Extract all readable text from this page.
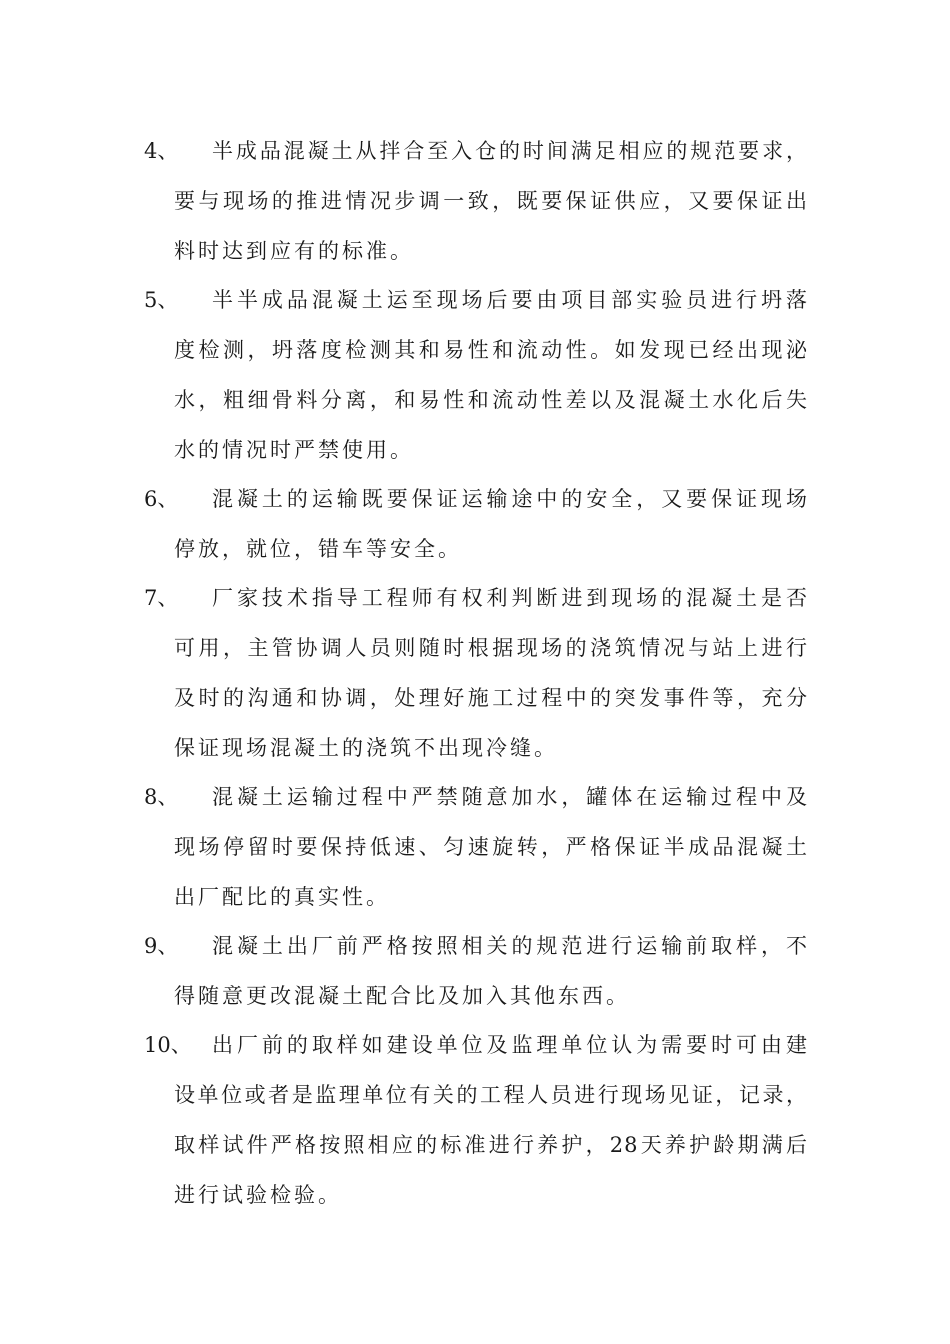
4、 半成品混凝土从拌合至入仓的时间满足相应的规范要求，
要与现场的推进情况步调一致，既要保证供应，又要保证出
料时达到应有的标准。
5、 半半成品混凝土运至现场后要由项目部实验员进行坍落
度检测，坍落度检测其和易性和流动性。如发现已经出现泌
水，粗细骨料分离，和易性和流动性差以及混凝土水化后失
水的情况时严禁使用。
6、 混凝土的运输既要保证运输途中的安全，又要保证现场
停放，就位，错车等安全。
7、 厂家技术指导工程师有权利判断进到现场的混凝土是否
可用，主管协调人员则随时根据现场的浇筑情况与站上进行
及时的沟通和协调，处理好施工过程中的突发事件等，充分
保证现场混凝土的浇筑不出现冷缝。
8、 混凝土运输过程中严禁随意加水，罐体在运输过程中及
现场停留时要保持低速、匀速旋转，严格保证半成品混凝土
出厂配比的真实性。
9、 混凝土出厂前严格按照相关的规范进行运输前取样，不
得随意更改混凝土配合比及加入其他东西。
10、 出厂前的取样如建设单位及监理单位认为需要时可由建
设单位或者是监理单位有关的工程人员进行现场见证，记录，
取样试件严格按照相应的标准进行养护，28天养护龄期满后
进行试验检验。
